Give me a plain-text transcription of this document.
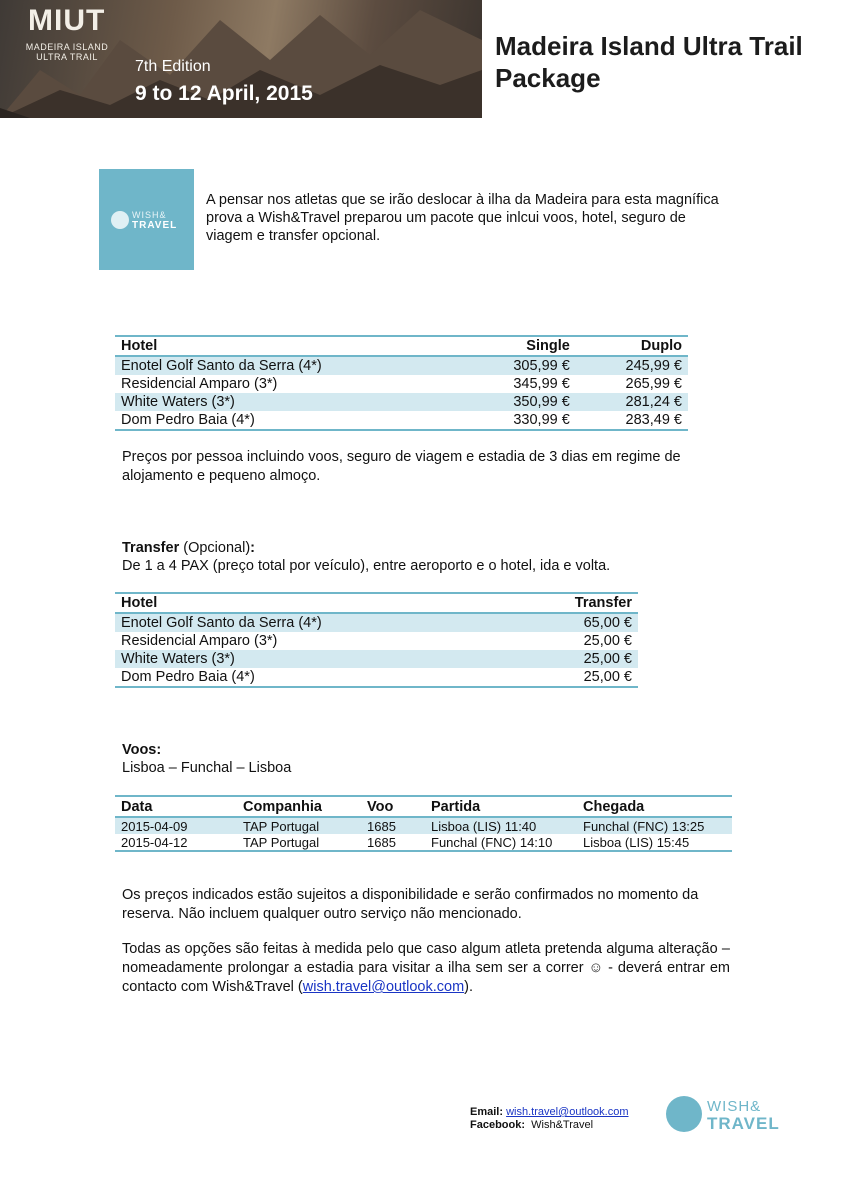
MIUT
MADEIRA ISLAND
ULTRA TRAIL
7th Edition
9 to 12 April, 2015
Madeira Island Ultra Trail Package
WISH&
TRAVEL
A pensar nos atletas que se irão deslocar à ilha da Madeira para esta magnífica prova a Wish&Travel preparou um pacote que inlcui voos, hotel, seguro de viagem e transfer opcional.
Hotel	Single	Duplo
Enotel Golf Santo da Serra (4*)	305,99 €	245,99 €
Residencial Amparo (3*)	345,99 €	265,99 €
White Waters (3*)	350,99 €	281,24 €
Dom Pedro Baia (4*)	330,99 €	283,49 €
Preços por pessoa incluindo voos, seguro de viagem e estadia de 3 dias em regime de alojamento e pequeno almoço.
Transfer (Opcional):
De 1 a 4 PAX (preço total por veículo), entre aeroporto e o hotel, ida e volta.
Hotel	Transfer
Enotel Golf Santo da Serra (4*)	65,00 €
Residencial Amparo (3*)	25,00 €
White Waters (3*)	25,00 €
Dom Pedro Baia (4*)	25,00 €
Voos:
Lisboa – Funchal – Lisboa
Data	Companhia	Voo	Partida	Chegada
2015-04-09	TAP Portugal	1685	Lisboa (LIS) 11:40	Funchal (FNC) 13:25
2015-04-12	TAP Portugal	1685	Funchal (FNC) 14:10	Lisboa (LIS) 15:45
Os preços indicados estão sujeitos a disponibilidade e serão confirmados no momento da reserva. Não incluem qualquer outro serviço não mencionado.
Todas as opções são feitas à medida pelo que caso algum atleta pretenda alguma alteração – nomeadamente prolongar a estadia para visitar a ilha sem ser a correr ☺ - deverá entrar em contacto com Wish&Travel (wish.travel@outlook.com).
Email: wish.travel@outlook.com
Facebook: Wish&Travel
WISH&
TRAVEL
